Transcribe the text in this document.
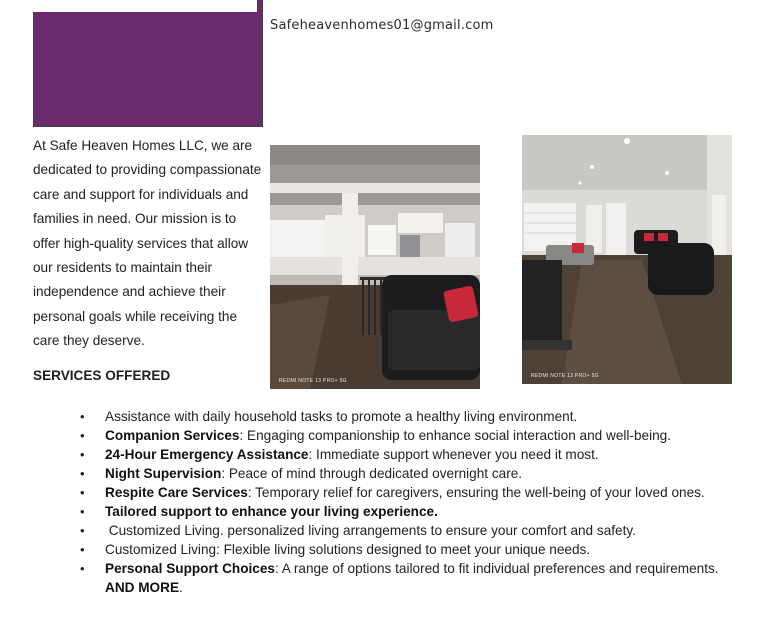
Safeheavenhomes01@gmail.com

At Safe Heaven Homes LLC, we are dedicated to providing compassionate care and support for individuals and families in need. Our mission is to offer high-quality services that allow our residents to maintain their independence and achieve their personal goals while receiving the care they deserve.

REDMI NOTE 13 PRO+ 5G
REDMI NOTE 13 PRO+ 5G
SERVICES OFFERED
• Assistance with daily household tasks to promote a healthy living environment.
• Companion Services: Engaging companionship to enhance social interaction and well-being.
• 24-Hour Emergency Assistance: Immediate support whenever you need it most.
• Night Supervision: Peace of mind through dedicated overnight care.
• Respite Care Services: Temporary relief for caregivers, ensuring the well-being of your loved ones.
• Tailored support to enhance your living experience.
• Customized Living. personalized living arrangements to ensure your comfort and safety.
• Customized Living: Flexible living solutions designed to meet your unique needs.
• Personal Support Choices: A range of options tailored to fit individual preferences and requirements. AND MORE.
